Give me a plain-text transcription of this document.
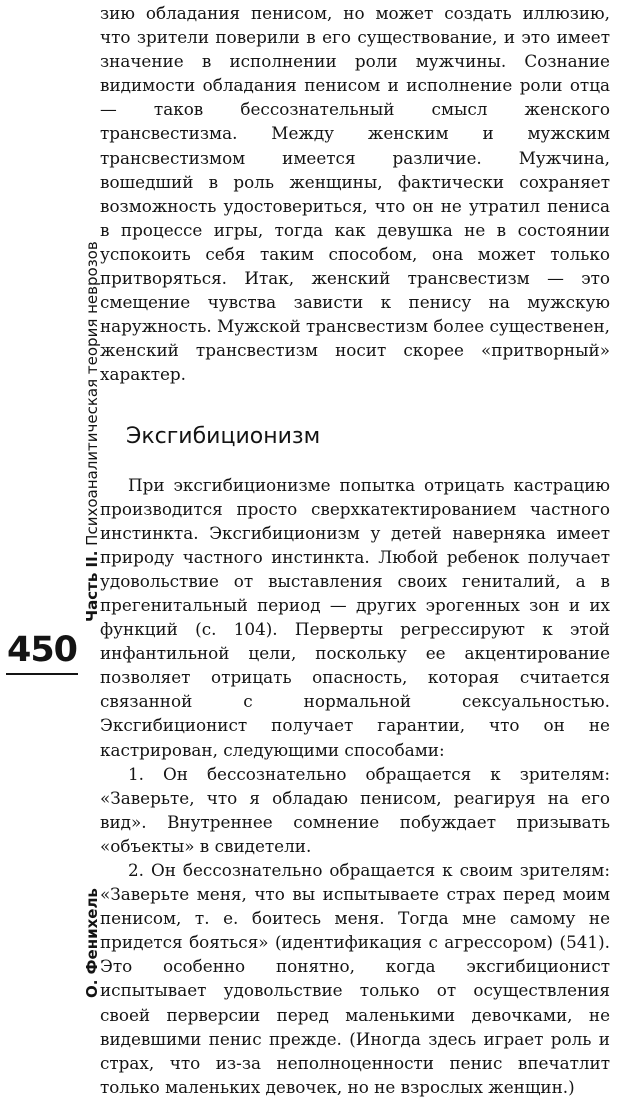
Часть II. Психоаналитическая теория неврозов
450
О. Фенихель

зию обладания пенисом, но может создать иллюзию, что зрители поверили в его существование, и это имеет значение в исполнении роли мужчины. Сознание видимости обладания пенисом и исполнение роли отца — таков бессознательный смысл женского трансвестизма. Между женским и мужским трансвестизмом имеется различие. Мужчина, вошедший в роль женщины, фактически сохраняет возможность удостовериться, что он не утратил пениса в процессе игры, тогда как девушка не в состоянии успокоить себя таким способом, она может только притворяться. Итак, женский трансвестизм — это смещение чувства зависти к пенису на мужскую наружность. Мужской трансвестизм более существенен, женский трансвестизм носит скорее «притворный» характер.

Эксгибиционизм

При эксгибиционизме попытка отрицать кастрацию производится просто сверхкатектированием частного инстинкта. Эксгибиционизм у детей наверняка имеет природу частного инстинкта. Любой ребенок получает удовольствие от выставления своих гениталий, а в прегенитальный период — других эрогенных зон и их функций (с. 104). Перверты регрессируют к этой инфантильной цели, поскольку ее акцентирование позволяет отрицать опасность, которая считается связанной с нормальной сексуальностью. Эксгибиционист получает гарантии, что он не кастрирован, следующими способами:

1. Он бессознательно обращается к зрителям: «Заверьте, что я обладаю пенисом, реагируя на его вид». Внутреннее сомнение побуждает призывать «объекты» в свидетели.

2. Он бессознательно обращается к своим зрителям: «Заверьте меня, что вы испытываете страх перед моим пенисом, т. е. боитесь меня. Тогда мне самому не придется бояться» (идентификация с агрессором) (541). Это особенно понятно, когда эксгибиционист испытывает удовольствие только от осуществления своей перверсии перед маленькими девочками, не видевшими пенис прежде. (Иногда здесь играет роль и страх, что из-за неполноценности пенис впечатлит только маленьких девочек, но не взрослых женщин.)
